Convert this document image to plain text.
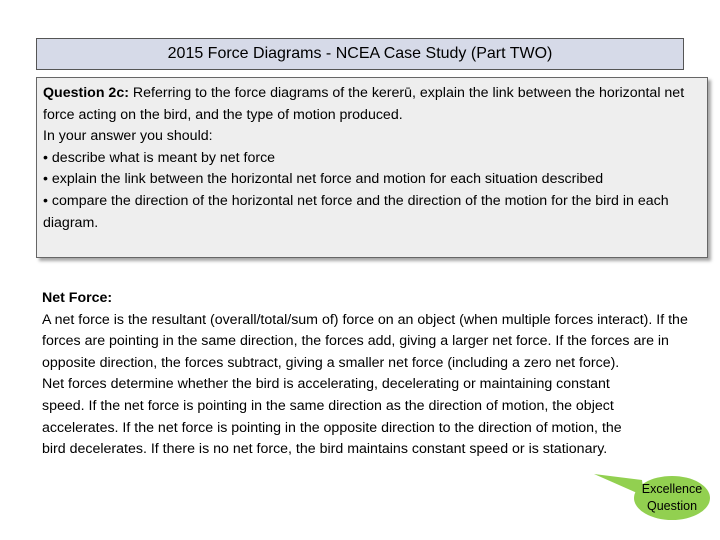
2015 Force Diagrams - NCEA Case Study (Part TWO)

Question 2c: Referring to the force diagrams of the kererū, explain the link between the horizontal net force acting on the bird, and the type of motion produced.

In your answer you should:

• describe what is meant by net force

• explain the link between the horizontal net force and motion for each situation described

• compare the direction of the horizontal net force and the direction of the motion for the bird in each diagram.

Net Force:

A net force is the resultant (overall/total/sum of) force on an object (when multiple forces interact). If the forces are pointing in the same direction, the forces add, giving a larger net force. If the forces are in opposite direction, the forces subtract, giving a smaller net force (including a zero net force).

Net forces determine whether the bird is accelerating, decelerating or maintaining constant speed. If the net force is pointing in the same direction as the direction of motion, the object accelerates. If the net force is pointing in the opposite direction to the direction of motion, the bird decelerates. If there is no net force, the bird maintains constant speed or is stationary.

Excellence
Question
